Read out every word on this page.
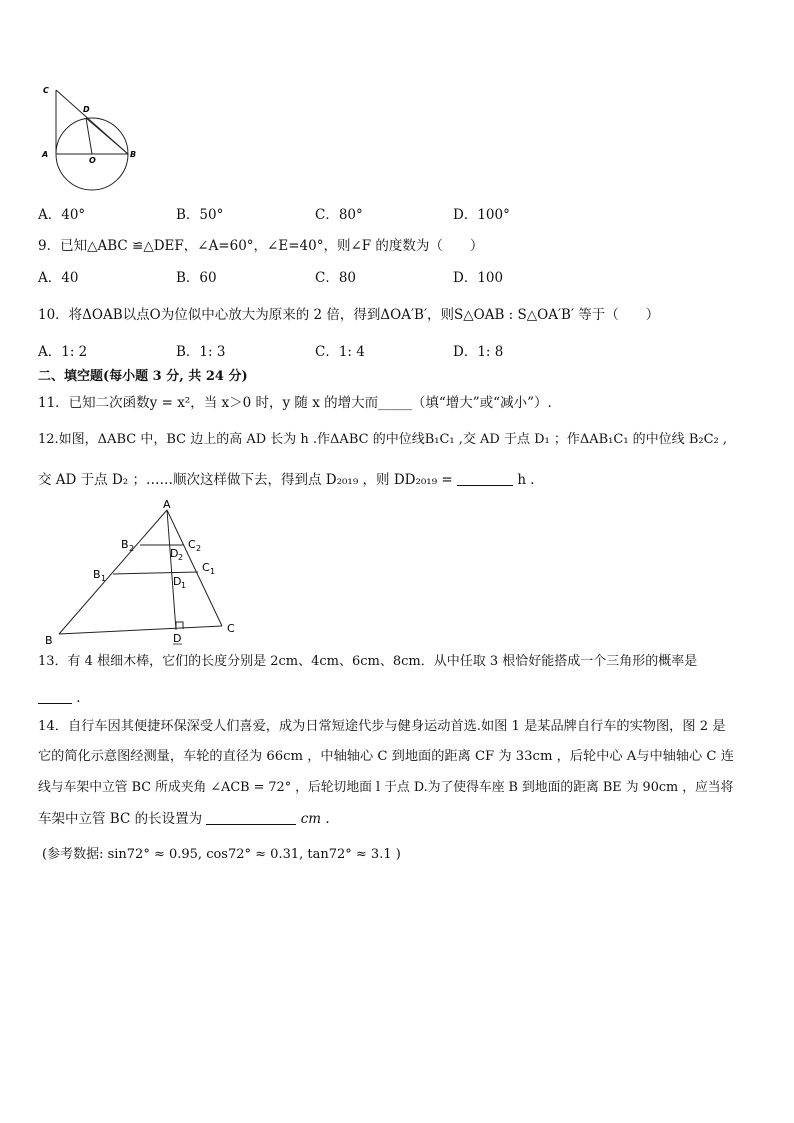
C
D
A
O
B
A．40°	B．50°	C．80°	D．100°
9．已知△ABC ≌△DEF，∠A=60°，∠E=40°，则∠F 的度数为（　　）
A．40	B．60	C．80	D．100
10．将ΔOAB以点O为位似中心放大为原来的 2 倍，得到ΔOA′B′，则S△OAB : S△OA′B′ 等于（　　）
A．1: 2	B．1: 3	C．1: 4	D．1: 8
二、填空题(每小题 3 分, 共 24 分)
11．已知二次函数y = x²，当 x＞0 时，y 随 x 的增大而_____（填“增大”或“减小”）.
12.如图，ΔABC 中，BC 边上的高 AD 长为 h .作ΔABC 的中位线B₁C₁ ,交 AD 于点 D₁ ；作ΔAB₁C₁ 的中位线 B₂C₂ ,
交 AD 于点 D₂ ；……顺次这样做下去，得到点 D₂₀₁₉ ，则 DD₂₀₁₉ =	h .
A
B 2	D 2
C 2
B 1	D 1
C 1
B	D
C
13．有 4 根细木棒，它们的长度分别是 2cm、4cm、6cm、8cm．从中任取 3 根恰好能搭成一个三角形的概率是
.
14．自行车因其便捷环保深受人们喜爱，成为日常短途代步与健身运动首选.如图 1 是某品牌自行车的实物图，图 2 是
它的简化示意图经测量，车轮的直径为 66cm ，中轴轴心 C 到地面的距离 CF 为 33cm ，后轮中心 A与中轴轴心 C 连
线与车架中立管 BC 所成夹角 ∠ACB = 72° ，后轮切地面 l 于点 D.为了使得车座 B 到地面的距离 BE 为 90cm ，应当将
车架中立管 BC 的长设置为	cm .
(参考数据: sin72° ≈ 0.95, cos72° ≈ 0.31, tan72° ≈ 3.1 )
